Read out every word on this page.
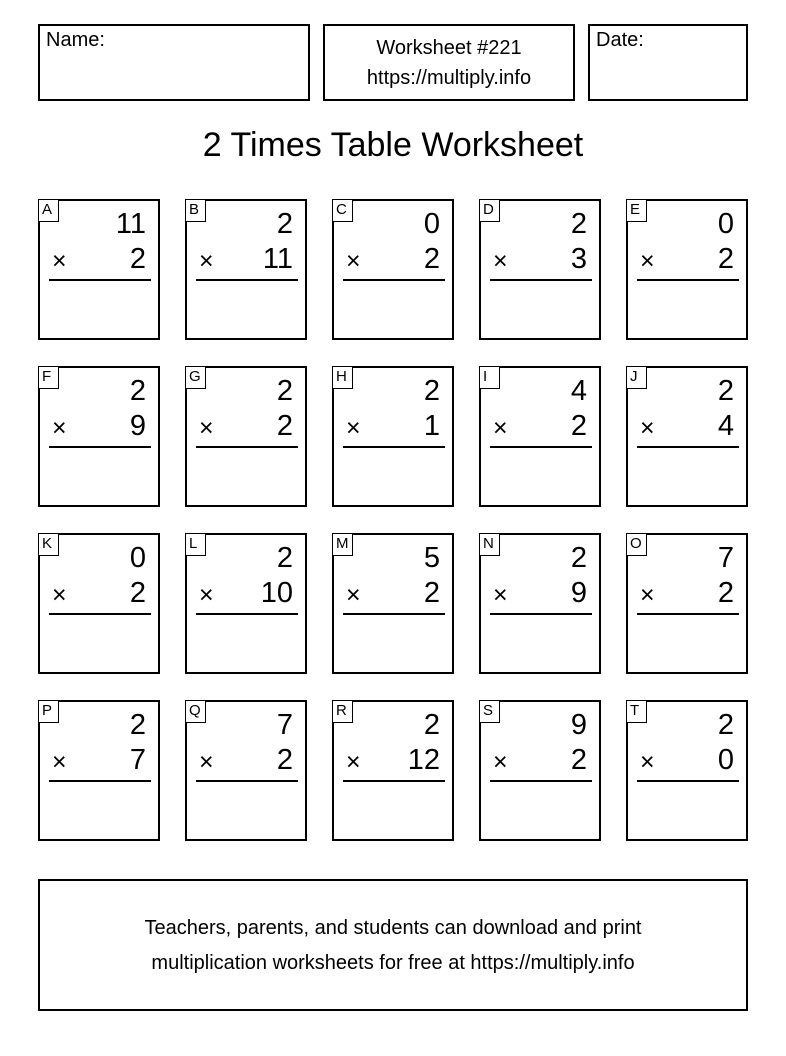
Name:	Worksheet #221
https://multiply.info
Date:
2 Times Table Worksheet
A 11
× 2
B	2
× 11
C	0
× 2
D	2
× 3
E	0
× 2
F	2
× 9
G	2
× 2
H	2
× 1
I	4
× 2
J	2
× 4
K	0
× 2
L	2
× 10
M	5
× 2
N	2
× 9
O	7
× 2
P	2
× 7
Q	7
× 2
R	2
× 12
S	9
× 2
T	2
× 0
Teachers, parents, and students can download and print
multiplication worksheets for free at https://multiply.info
